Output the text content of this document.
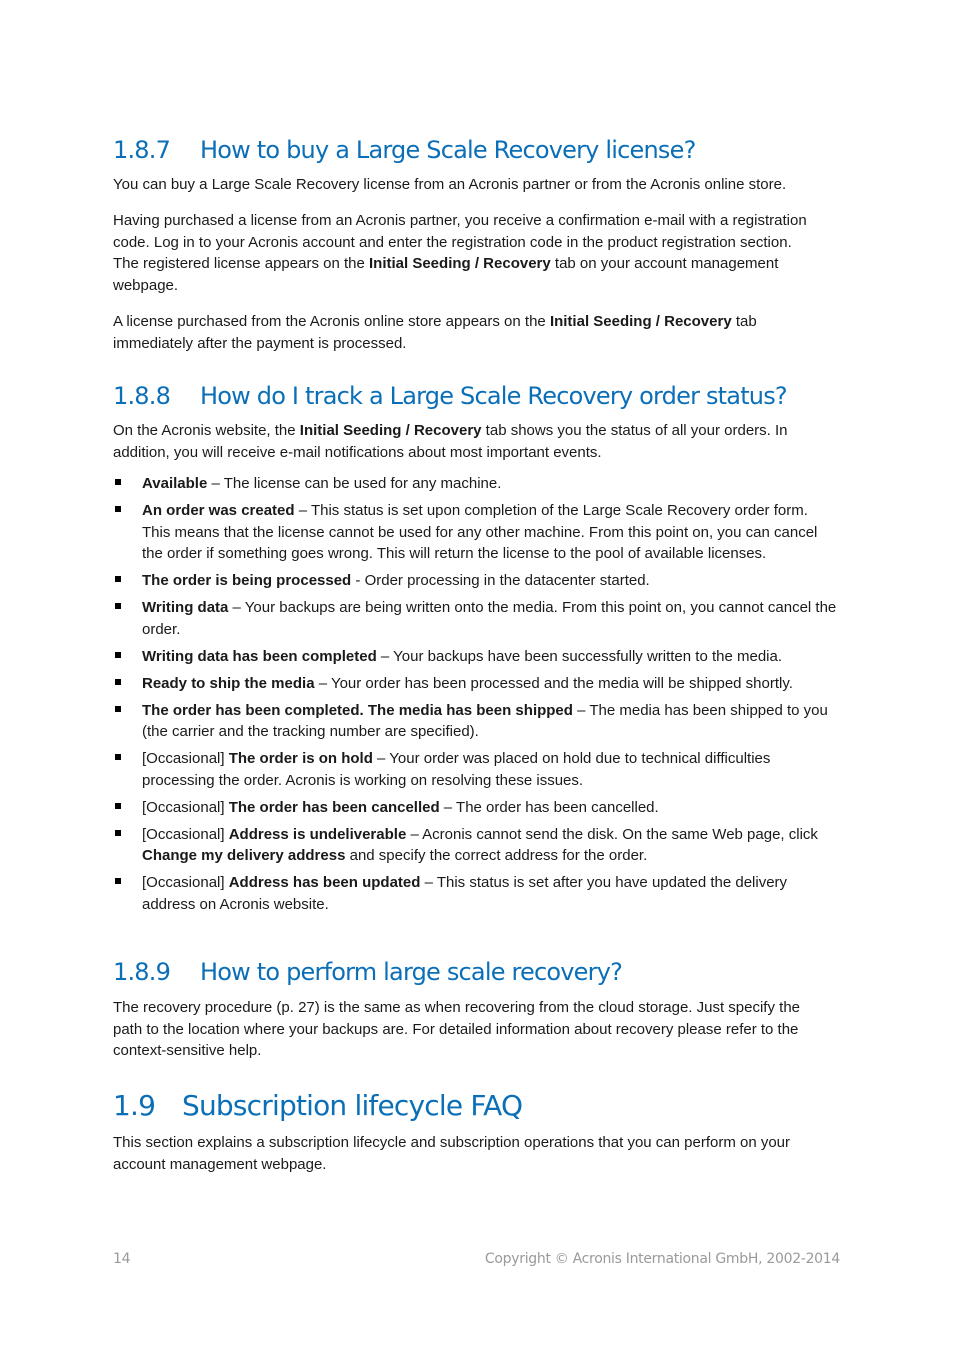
1.8.7 How to buy a Large Scale Recovery license?

You can buy a Large Scale Recovery license from an Acronis partner or from the Acronis online store.

Having purchased a license from an Acronis partner, you receive a confirmation e-mail with a registration code. Log in to your Acronis account and enter the registration code in the product registration section. The registered license appears on the Initial Seeding / Recovery tab on your account management webpage.

A license purchased from the Acronis online store appears on the Initial Seeding / Recovery tab immediately after the payment is processed.

1.8.8 How do I track a Large Scale Recovery order status?

On the Acronis website, the Initial Seeding / Recovery tab shows you the status of all your orders. In addition, you will receive e-mail notifications about most important events.

Available – The license can be used for any machine.
An order was created – This status is set upon completion of the Large Scale Recovery order form. This means that the license cannot be used for any other machine. From this point on, you can cancel the order if something goes wrong. This will return the license to the pool of available licenses.
The order is being processed - Order processing in the datacenter started.
Writing data – Your backups are being written onto the media. From this point on, you cannot cancel the order.
Writing data has been completed – Your backups have been successfully written to the media.
Ready to ship the media – Your order has been processed and the media will be shipped shortly.
The order has been completed. The media has been shipped – The media has been shipped to you (the carrier and the tracking number are specified).
[Occasional] The order is on hold – Your order was placed on hold due to technical difficulties processing the order. Acronis is working on resolving these issues.
[Occasional] The order has been cancelled – The order has been cancelled.
[Occasional] Address is undeliverable – Acronis cannot send the disk. On the same Web page, click Change my delivery address and specify the correct address for the order.
[Occasional] Address has been updated – This status is set after you have updated the delivery address on Acronis website.
1.8.9 How to perform large scale recovery?

The recovery procedure (p. 27) is the same as when recovering from the cloud storage. Just specify the path to the location where your backups are. For detailed information about recovery please refer to the context-sensitive help.

1.9 Subscription lifecycle FAQ

This section explains a subscription lifecycle and subscription operations that you can perform on your account management webpage.

14	Copyright © Acronis International GmbH, 2002-2014
